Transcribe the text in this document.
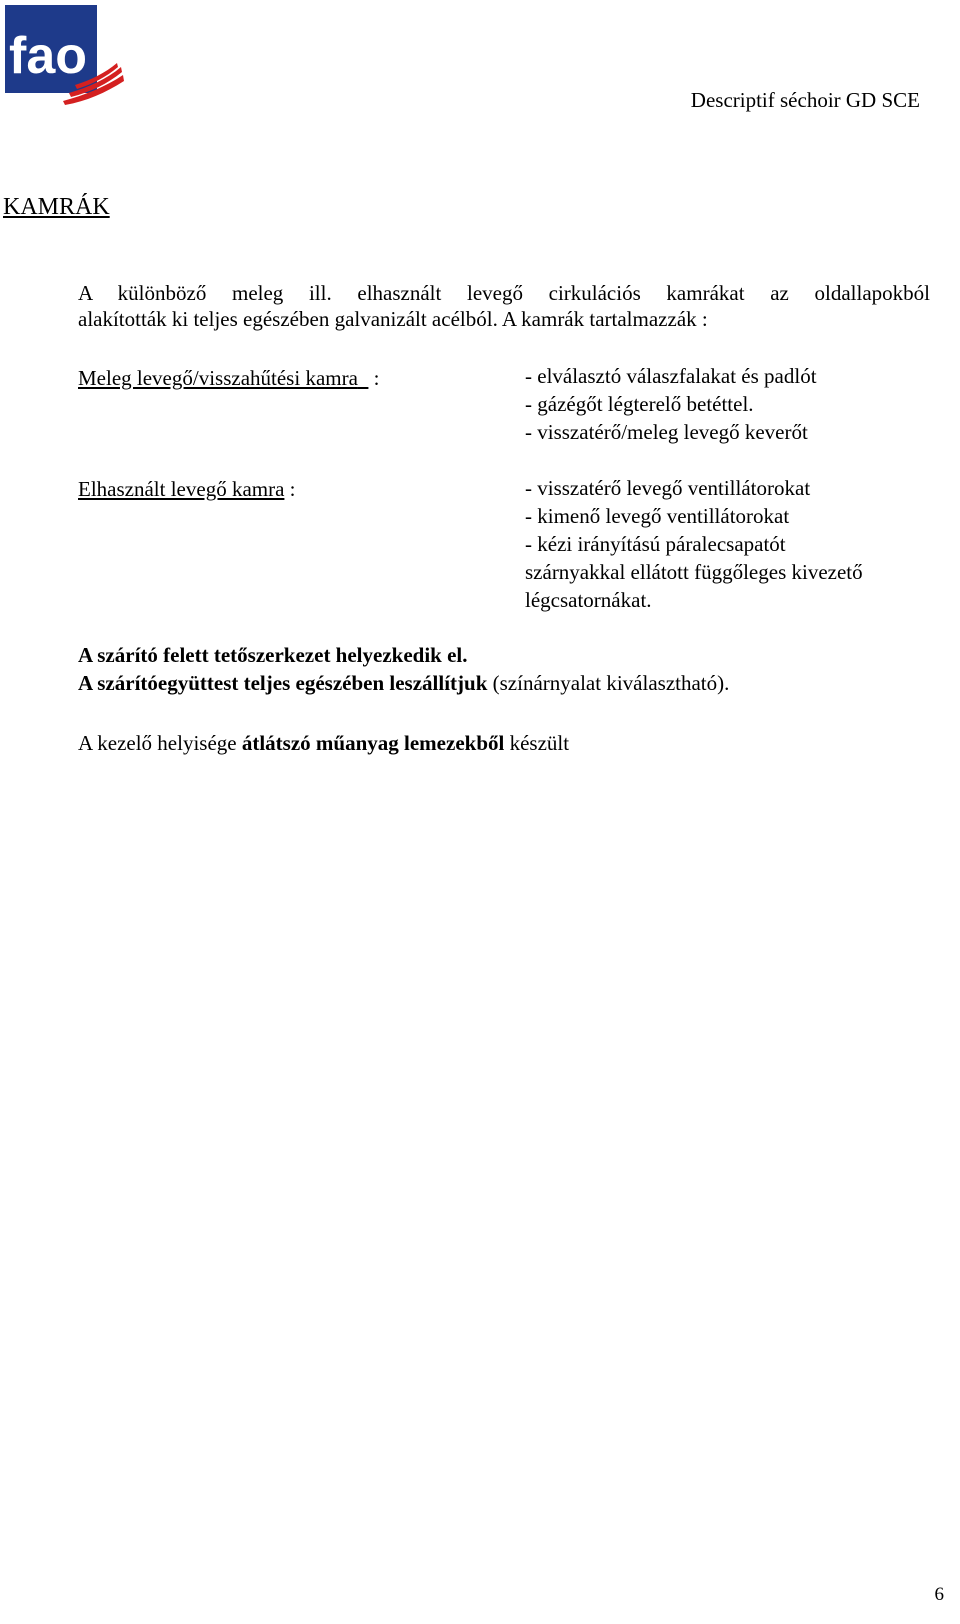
fao
Descriptif séchoir GD SCE
KAMRÁK
A különböző meleg ill. elhasznált levegő cirkulációs kamrákat az oldallapokból
alakították ki teljes egészében galvanizált acélból. A kamrák tartalmazzák :
Meleg levegő/visszahűtési kamra   :	- elválasztó válaszfalakat és padlót
- gázégőt légterelő betéttel.
- visszatérő/meleg levegő keverőt
Elhasznált levegő kamra :	- visszatérő levegő ventillátorokat
- kimenő levegő ventillátorokat
- kézi irányítású páralecsapatót
szárnyakkal ellátott függőleges kivezető
légcsatornákat.
A szárító felett tetőszerkezet helyezkedik el.
A szárítóegyüttest teljes egészében leszállítjuk (színárnyalat kiválasztható).
A kezelő helyisége átlátszó műanyag lemezekből készült
6
